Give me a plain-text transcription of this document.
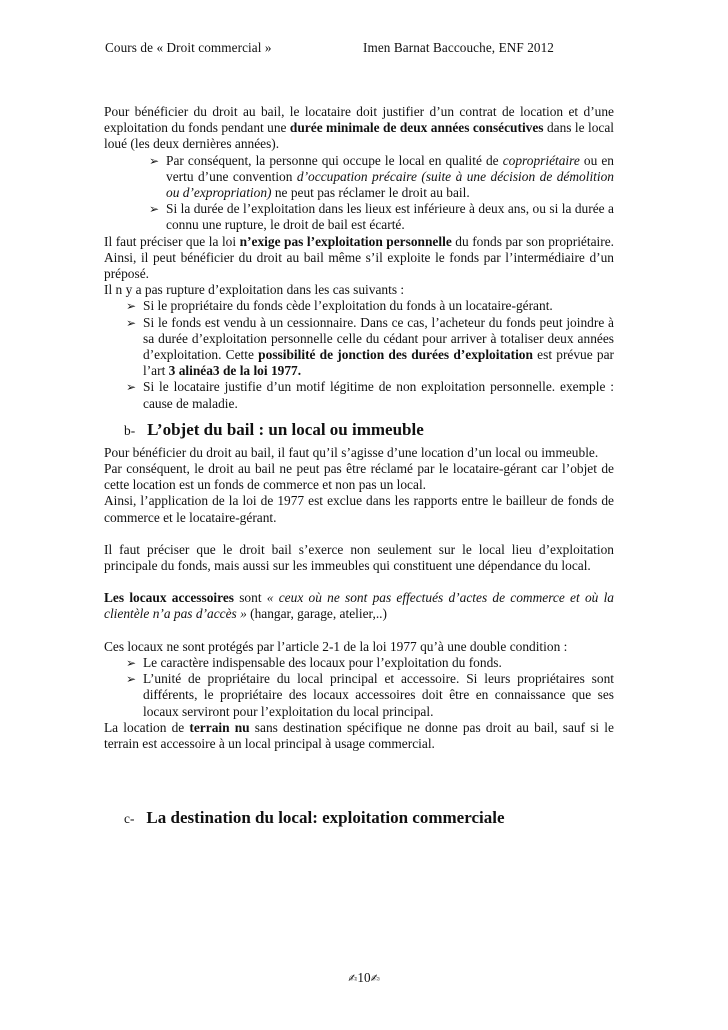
Cours de « Droit commercial »	Imen Barnat Baccouche, ENF 2012

Pour bénéficier du droit au bail, le locataire doit justifier d’un contrat de location et d’une exploitation du fonds pendant une durée minimale de deux années consécutives dans le local loué (les deux dernières années).

➢ Par conséquent, la personne qui occupe le local en qualité de copropriétaire ou en vertu d’une convention d’occupation précaire (suite à une décision de démolition ou d’expropriation) ne peut pas réclamer le droit au bail.
➢ Si la durée de l’exploitation dans les lieux est inférieure à deux ans, ou si la durée a connu une rupture, le droit de bail est écarté.

Il faut préciser que la loi n’exige pas l’exploitation personnelle du fonds par son propriétaire. Ainsi, il peut bénéficier du droit au bail même s’il exploite le fonds par l’intermédiaire d’un préposé.

Il n y a pas rupture d’exploitation dans les cas suivants :

➢ Si le propriétaire du fonds cède l’exploitation du fonds à un locataire-gérant.
➢ Si le fonds est vendu à un cessionnaire. Dans ce cas, l’acheteur du fonds peut joindre à sa durée d’exploitation personnelle celle du cédant pour arriver à totaliser deux années d’exploitation. Cette possibilité de jonction des durées d’exploitation est prévue par l’art 3 alinéa3 de la loi 1977.
➢ Si le locataire justifie d’un motif légitime de non exploitation personnelle. exemple : cause de maladie.
b- L’objet du bail : un local ou immeuble

Pour bénéficier du droit au bail, il faut qu’il s’agisse d’une location d’un local ou immeuble.

Par conséquent, le droit au bail ne peut pas être réclamé par le locataire-gérant car l’objet de cette location est un fonds de commerce et non pas un local.

Ainsi, l’application de la loi de 1977 est exclue dans les rapports entre le bailleur de fonds de commerce et le locataire-gérant.

Il faut préciser que le droit bail s’exerce non seulement sur le local lieu d’exploitation principale du fonds, mais aussi sur les immeubles qui constituent une dépendance du local.

Les locaux accessoires sont « ceux où ne sont pas effectués d’actes de commerce et où la clientèle n’a pas d’accès » (hangar, garage, atelier,..)

Ces locaux ne sont protégés par l’article 2-1 de la loi 1977 qu’à une double condition :

➢ Le caractère indispensable des locaux pour l’exploitation du fonds.
➢ L’unité de propriétaire du local principal et accessoire. Si leurs propriétaires sont différents, le propriétaire des locaux accessoires doit être en connaissance que ses locaux serviront pour l’exploitation du local principal.

La location de terrain nu sans destination spécifique ne donne pas droit au bail, sauf si le terrain est accessoire à un local principal à usage commercial.

c- La destination du local: exploitation commerciale
✍10✍
